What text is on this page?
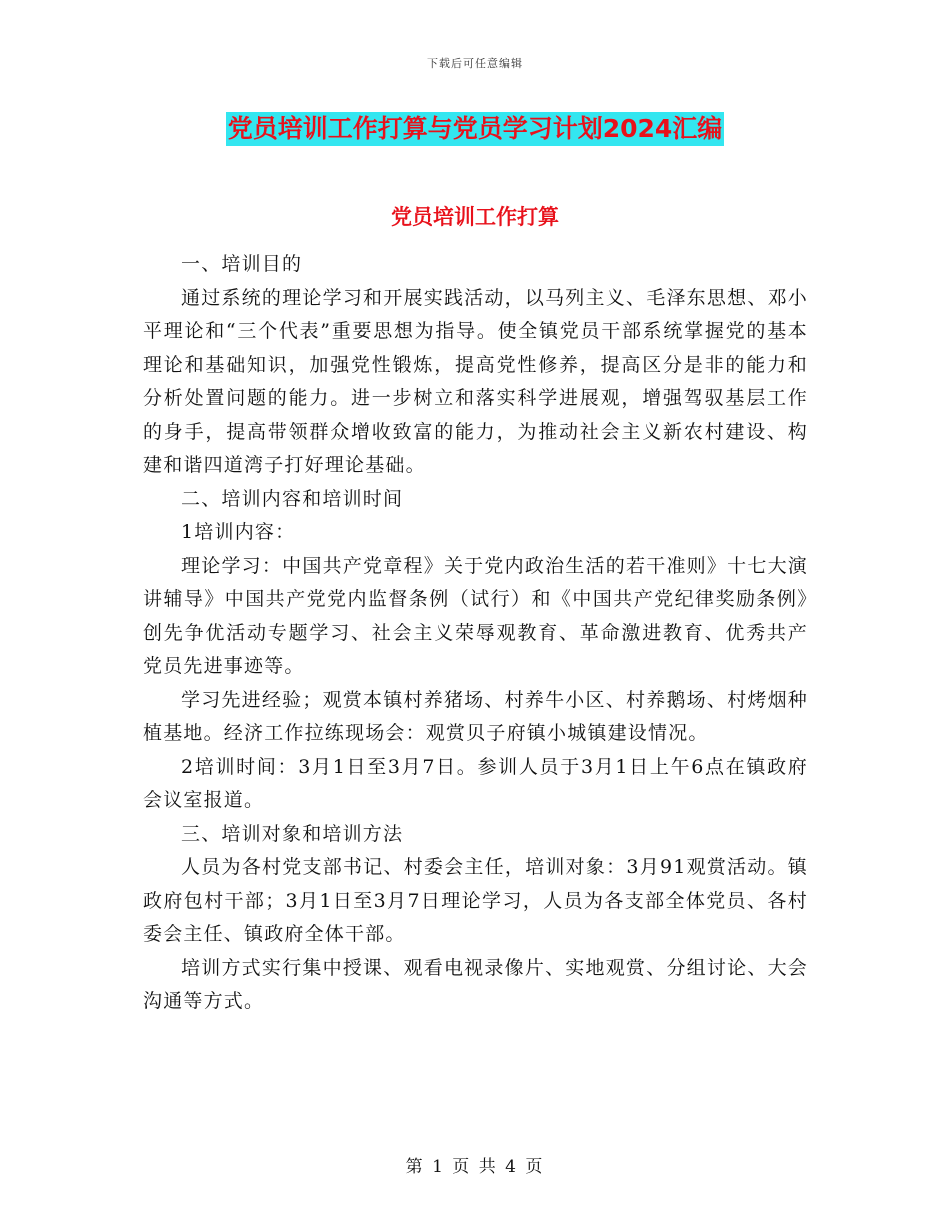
下载后可任意编辑
党员培训工作打算与党员学习计划2024汇编
党员培训工作打算

一、培训目的

通过系统的理论学习和开展实践活动，以马列主义、毛泽东思想、邓小平理论和“三个代表”重要思想为指导。使全镇党员干部系统掌握党的基本理论和基础知识，加强党性锻炼，提高党性修养，提高区分是非的能力和分析处置问题的能力。进一步树立和落实科学进展观，增强驾驭基层工作的身手，提高带领群众增收致富的能力，为推动社会主义新农村建设、构建和谐四道湾子打好理论基础。

二、培训内容和培训时间

1培训内容：

理论学习：中国共产党章程》关于党内政治生活的若干准则》十七大演讲辅导》中国共产党党内监督条例（试行）和《中国共产党纪律奖励条例》创先争优活动专题学习、社会主义荣辱观教育、革命激进教育、优秀共产党员先进事迹等。

学习先进经验；观赏本镇村养猪场、村养牛小区、村养鹅场、村烤烟种植基地。经济工作拉练现场会：观赏贝子府镇小城镇建设情况。

2培训时间：3月1日至3月7日。参训人员于3月1日上午6点在镇政府会议室报道。

三、培训对象和培训方法

人员为各村党支部书记、村委会主任，培训对象：3月91观赏活动。镇政府包村干部；3月1日至3月7日理论学习，人员为各支部全体党员、各村委会主任、镇政府全体干部。

培训方式实行集中授课、观看电视录像片、实地观赏、分组讨论、大会沟通等方式。

第 1 页 共 4 页
